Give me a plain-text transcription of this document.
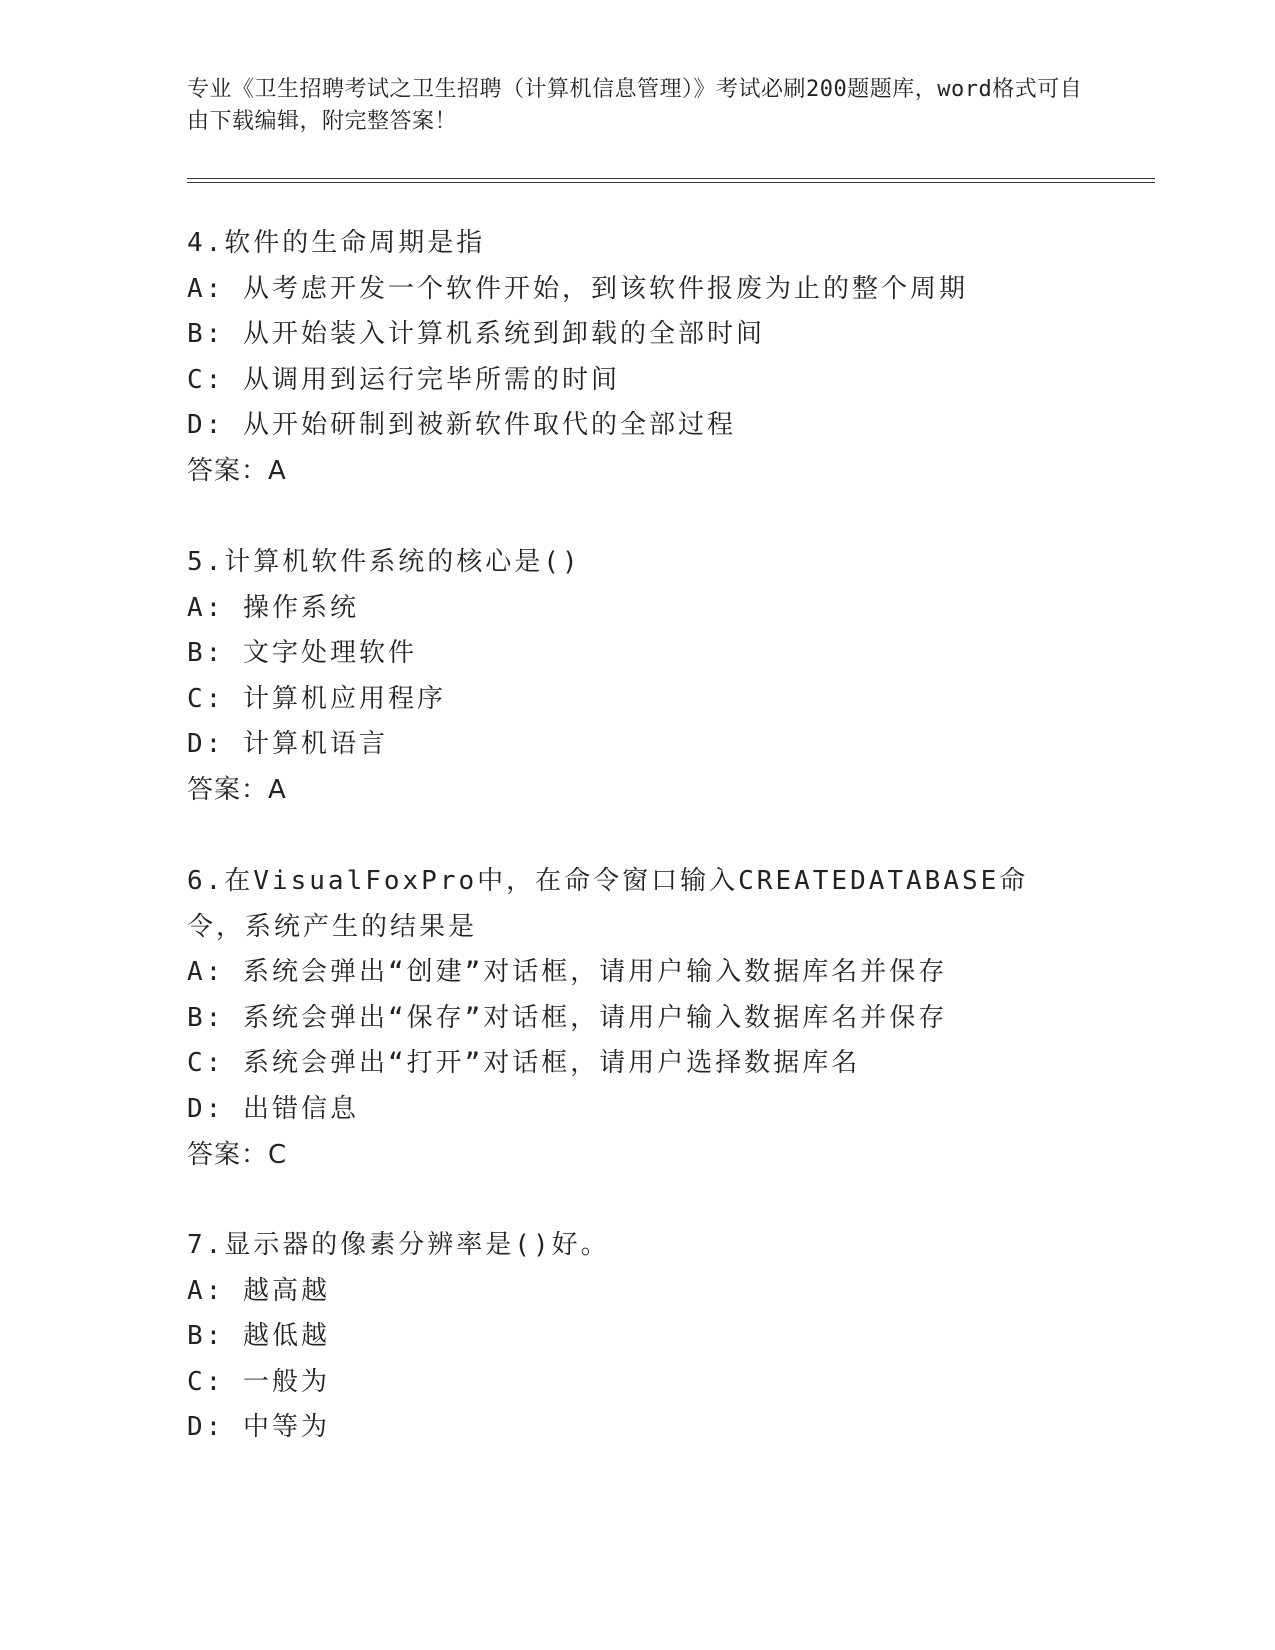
专业《卫生招聘考试之卫生招聘（计算机信息管理）》考试必刷200题题库，word格式可自由下载编辑，附完整答案！
4.软件的生命周期是指
A: 从考虑开发一个软件开始，到该软件报废为止的整个周期
B: 从开始装入计算机系统到卸载的全部时间
C: 从调用到运行完毕所需的时间
D: 从开始研制到被新软件取代的全部过程
答案：A
5.计算机软件系统的核心是()
A: 操作系统
B: 文字处理软件
C: 计算机应用程序
D: 计算机语言
答案：A
6.在VisualFoxPro中，在命令窗口输入CREATEDATABASE命令，系统产生的结果是
A: 系统会弹出“创建”对话框，请用户输入数据库名并保存
B: 系统会弹出“保存”对话框，请用户输入数据库名并保存
C: 系统会弹出“打开”对话框，请用户选择数据库名
D: 出错信息
答案：C
7.显示器的像素分辨率是()好。
A: 越高越
B: 越低越
C: 一般为
D: 中等为
